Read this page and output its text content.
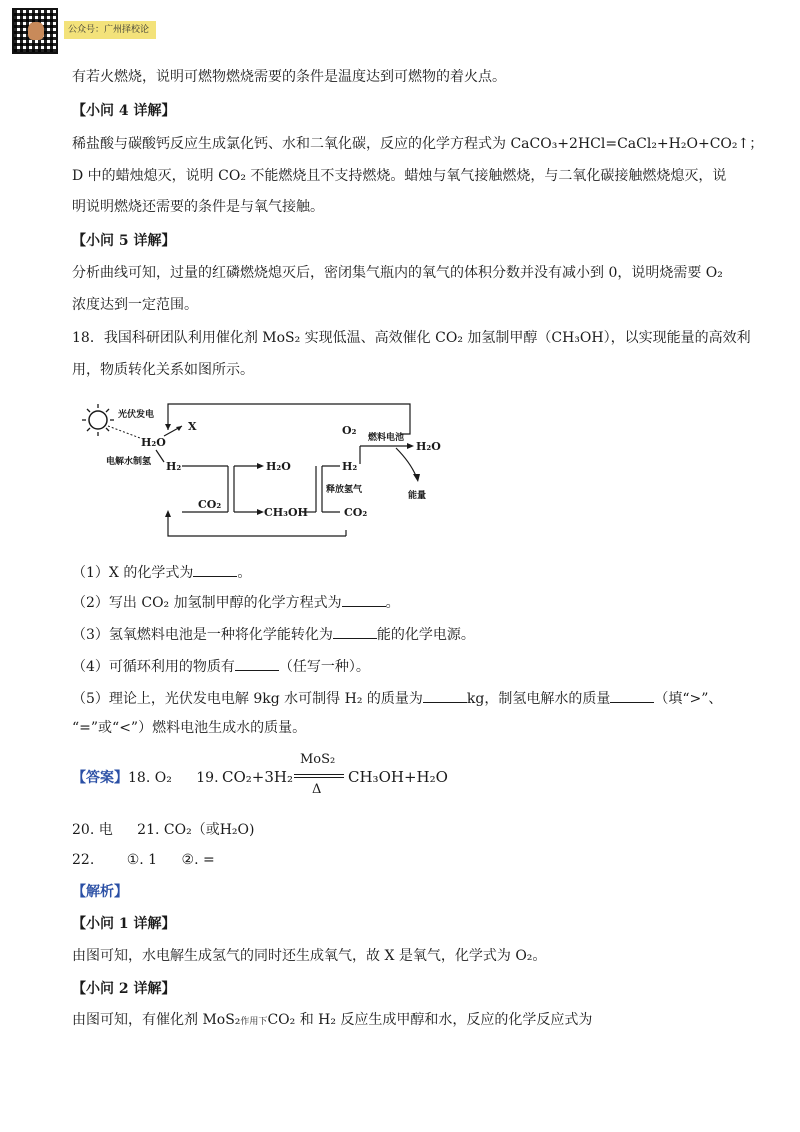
公众号：广州择校论
有若火燃烧，说明可燃物燃烧需要的条件是温度达到可燃物的着火点。
【小问 4 详解】
稀盐酸与碳酸钙反应生成氯化钙、水和二氧化碳，反应的化学方程式为 CaCO₃+2HCl=CaCl₂+H₂O+CO₂↑；
D 中的蜡烛熄灭，说明 CO₂ 不能燃烧且不支持燃烧。蜡烛与氧气接触燃烧，与二氧化碳接触燃烧熄灭，说
明说明燃烧还需要的条件是与氧气接触。
【小问 5 详解】
分析曲线可知，过量的红磷燃烧熄灭后，密闭集气瓶内的氧气的体积分数并没有减小到 0，说明烧需要 O₂
浓度达到一定范围。
18．我国科研团队利用催化剂 MoS₂ 实现低温、高效催化 CO₂ 加氢制甲醇（CH₃OH），以实现能量的高效利
用，物质转化关系如图所示。
光伏发电
H₂O
电解水制氢
X
H₂	H₂O
CO₂
CH₃OH
H₂
释放氢气
CO₂
O₂
燃料电池
H₂O
能量
（1）X 的化学式为	。
（2）写出 CO₂ 加氢制甲醇的化学方程式为	。
（3）氢氧燃料电池是一种将化学能转化为	能的化学电源。
（4）可循环利用的物质有	（任写一种）。
（5）理论上，光伏发电电解 9kg 水可制得 H₂ 的质量为	kg，制氢电解水的质量	（填“>”、
“=”或“<”）燃料电池生成水的质量。
【答案】18. O₂ 19. CO₂+3H₂
MoS₂
Δ
CH₃OH+H₂O
20. 电 21. CO₂（或H₂O)
22. ①. 1 ②. =
【解析】
【小问 1 详解】
由图可知，水电解生成氢气的同时还生成氧气，故 X 是氧气，化学式为 O₂。
【小问 2 详解】
由图可知，有催化剂 MoS₂作用下CO₂ 和 H₂ 反应生成甲醇和水，反应的化学反应式为
